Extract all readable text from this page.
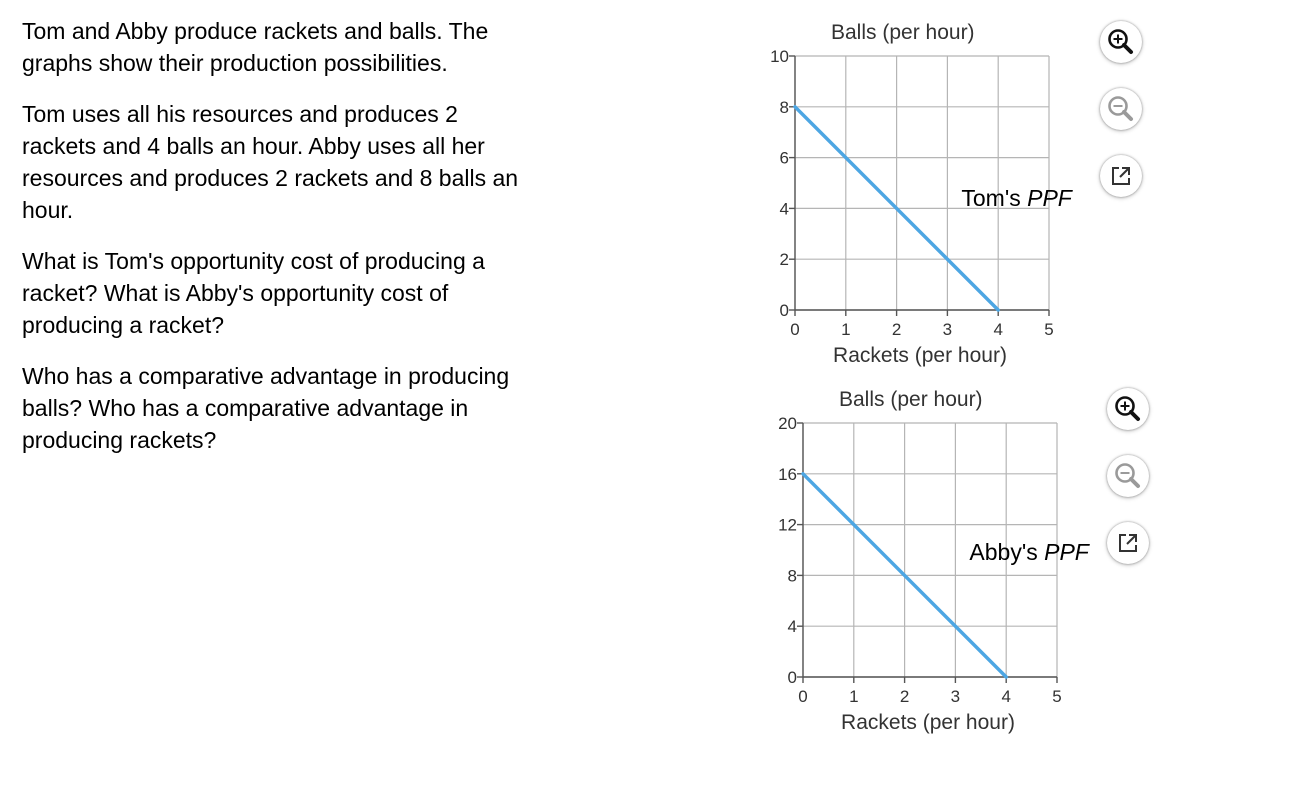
Tom and Abby produce rackets and balls. The graphs show their production possibilities.

Tom uses all his resources and produces 2 rackets and 4 balls an hour. Abby uses all her resources and produces 2 rackets and 8 balls an hour.

What is Tom's opportunity cost of producing a racket? What is Abby's opportunity cost of producing a racket?

Who has a comparative advantage in producing balls? Who has a comparative advantage in producing rackets?

0
2
4
6
8
10
0 1 2 3 4 5
Balls (per hour)
Rackets (per hour)
Tom's PPF
0
4
8
12
16
20
0 1 2 3 4 5
Balls (per hour)
Rackets (per hour)
Abby's PPF
